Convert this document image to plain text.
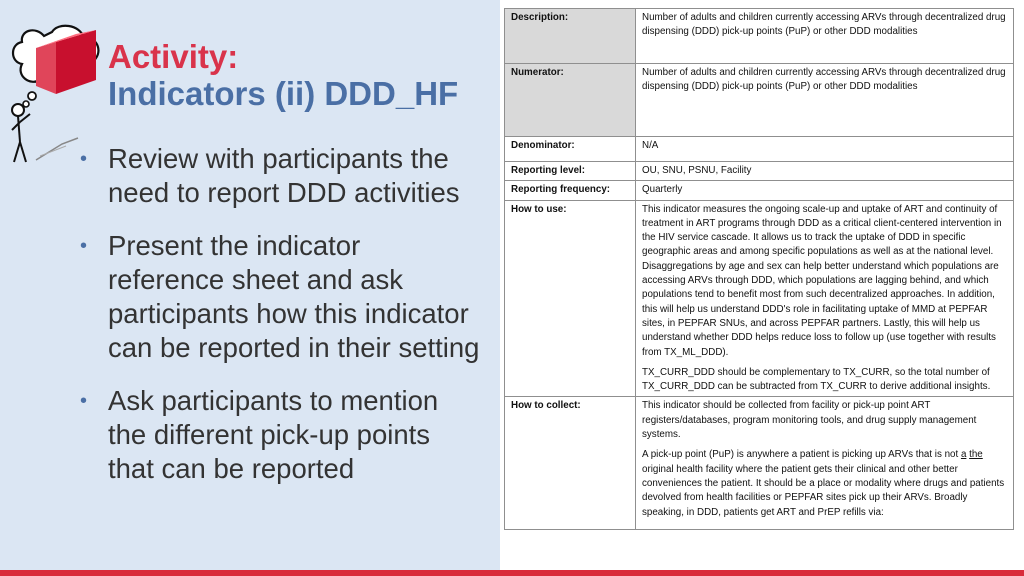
Activity:
Indicators (ii) DDD_HF
• Review with participants the need to report DDD activities
• Present the indicator reference sheet and ask participants how this indicator can be reported in their setting
• Ask participants to mention the different pick-up points that can be reported
Description:	Number of adults and children currently accessing ARVs through decentralized drug dispensing (DDD) pick-up points (PuP) or other DDD modalities
Numerator:	Number of adults and children currently accessing ARVs through decentralized drug dispensing (DDD) pick-up points (PuP) or other DDD modalities
Denominator:	N/A
Reporting level:	OU, SNU, PSNU, Facility
Reporting frequency:	Quarterly
How to use:	This indicator measures the ongoing scale-up and uptake of ART and continuity of treatment in ART programs through DDD as a critical client-centered intervention in the HIV service cascade. It allows us to track the uptake of DDD in specific geographic areas and among specific populations as well as at the national level. Disaggregations by age and sex can help better understand which populations are accessing ARVs through DDD, which populations are lagging behind, and which populations tend to benefit most from such decentralized approaches. In addition, this will help us understand DDD's role in facilitating uptake of MMD at PEPFAR sites, in PEPFAR SNUs, and across PEPFAR partners. Lastly, this will help us understand whether DDD helps reduce loss to follow up (use together with results from TX_ML_DDD).

TX_CURR_DDD should be complementary to TX_CURR, so the total number of TX_CURR_DDD can be subtracted from TX_CURR to derive additional insights.

How to collect:	This indicator should be collected from facility or pick-up point ART registers/databases, program monitoring tools, and drug supply management systems.

A pick-up point (PuP) is anywhere a patient is picking up ARVs that is not a the original health facility where the patient gets their clinical and other better conveniences the patient. It should be a place or modality where drugs and patients devolved from health facilities or PEPFAR sites pick up their ARVs. Broadly speaking, in DDD, patients get ART and PrEP refills via:
